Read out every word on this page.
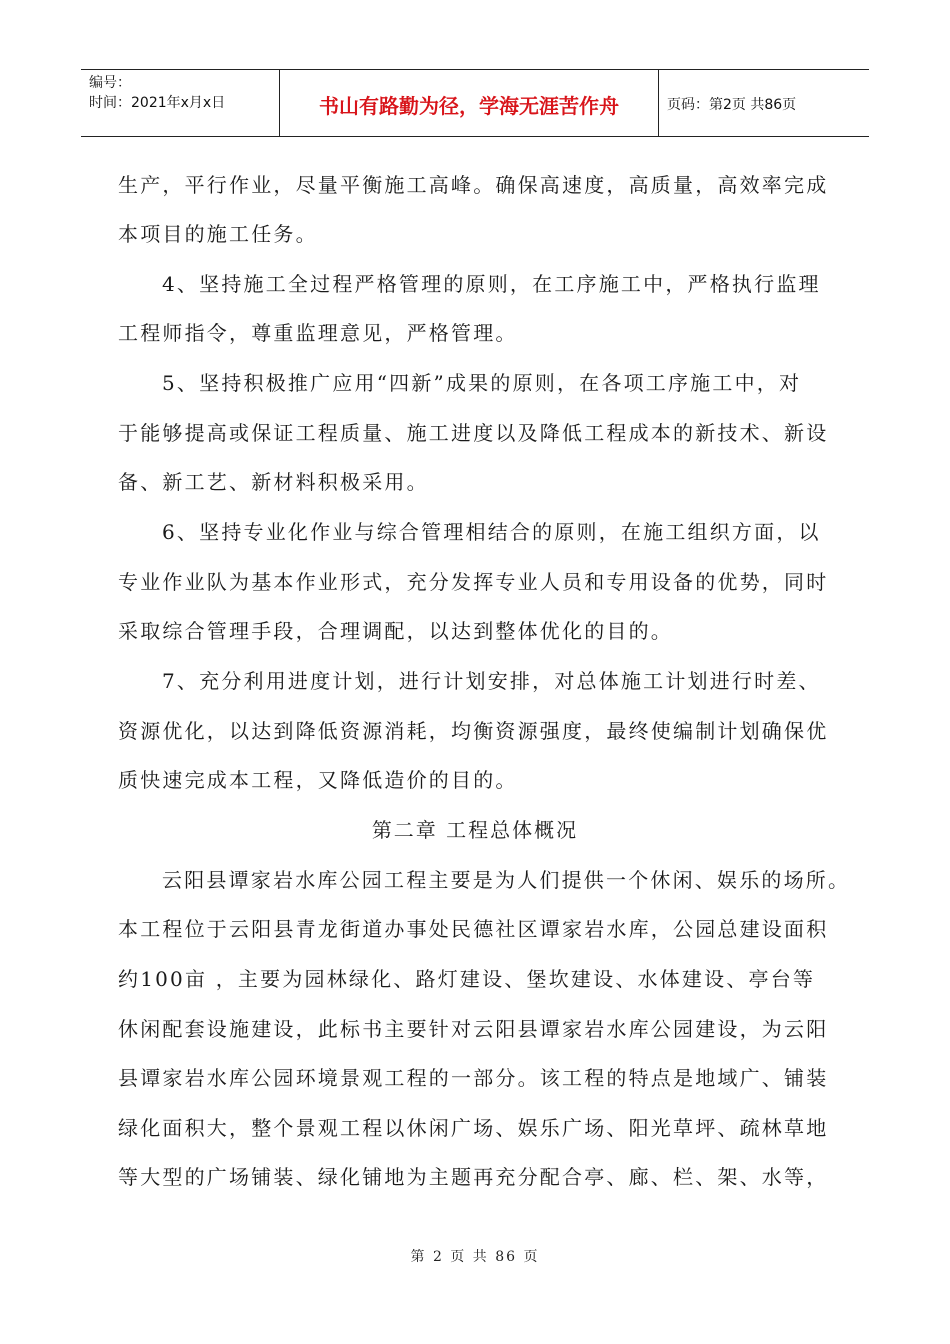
编号：
时间：2021年x月x日	书山有路勤为径，学海无涯苦作舟	页码：第2页 共86页
生产，平行作业，尽量平衡施工高峰。确保高速度，高质量，高效率完成
本项目的施工任务。
4、坚持施工全过程严格管理的原则，在工序施工中，严格执行监理
工程师指令，尊重监理意见，严格管理。
5、坚持积极推广应用“四新”成果的原则，在各项工序施工中，对
于能够提高或保证工程质量、施工进度以及降低工程成本的新技术、新设
备、新工艺、新材料积极采用。
6、坚持专业化作业与综合管理相结合的原则，在施工组织方面，以
专业作业队为基本作业形式，充分发挥专业人员和专用设备的优势，同时
采取综合管理手段，合理调配，以达到整体优化的目的。
7、充分利用进度计划，进行计划安排，对总体施工计划进行时差、
资源优化，以达到降低资源消耗，均衡资源强度，最终使编制计划确保优
质快速完成本工程，又降低造价的目的。
第二章 工程总体概况
云阳县谭家岩水库公园工程主要是为人们提供一个休闲、娱乐的场所。
本工程位于云阳县青龙街道办事处民德社区谭家岩水库，公园总建设面积
约100亩 ，主要为园林绿化、路灯建设、堡坎建设、水体建设、亭台等
休闲配套设施建设，此标书主要针对云阳县谭家岩水库公园建设，为云阳
县谭家岩水库公园环境景观工程的一部分。该工程的特点是地域广、铺装
绿化面积大，整个景观工程以休闲广场、娱乐广场、阳光草坪、疏林草地
等大型的广场铺装、绿化铺地为主题再充分配合亭、廊、栏、架、水等，
第 2 页 共 86 页
